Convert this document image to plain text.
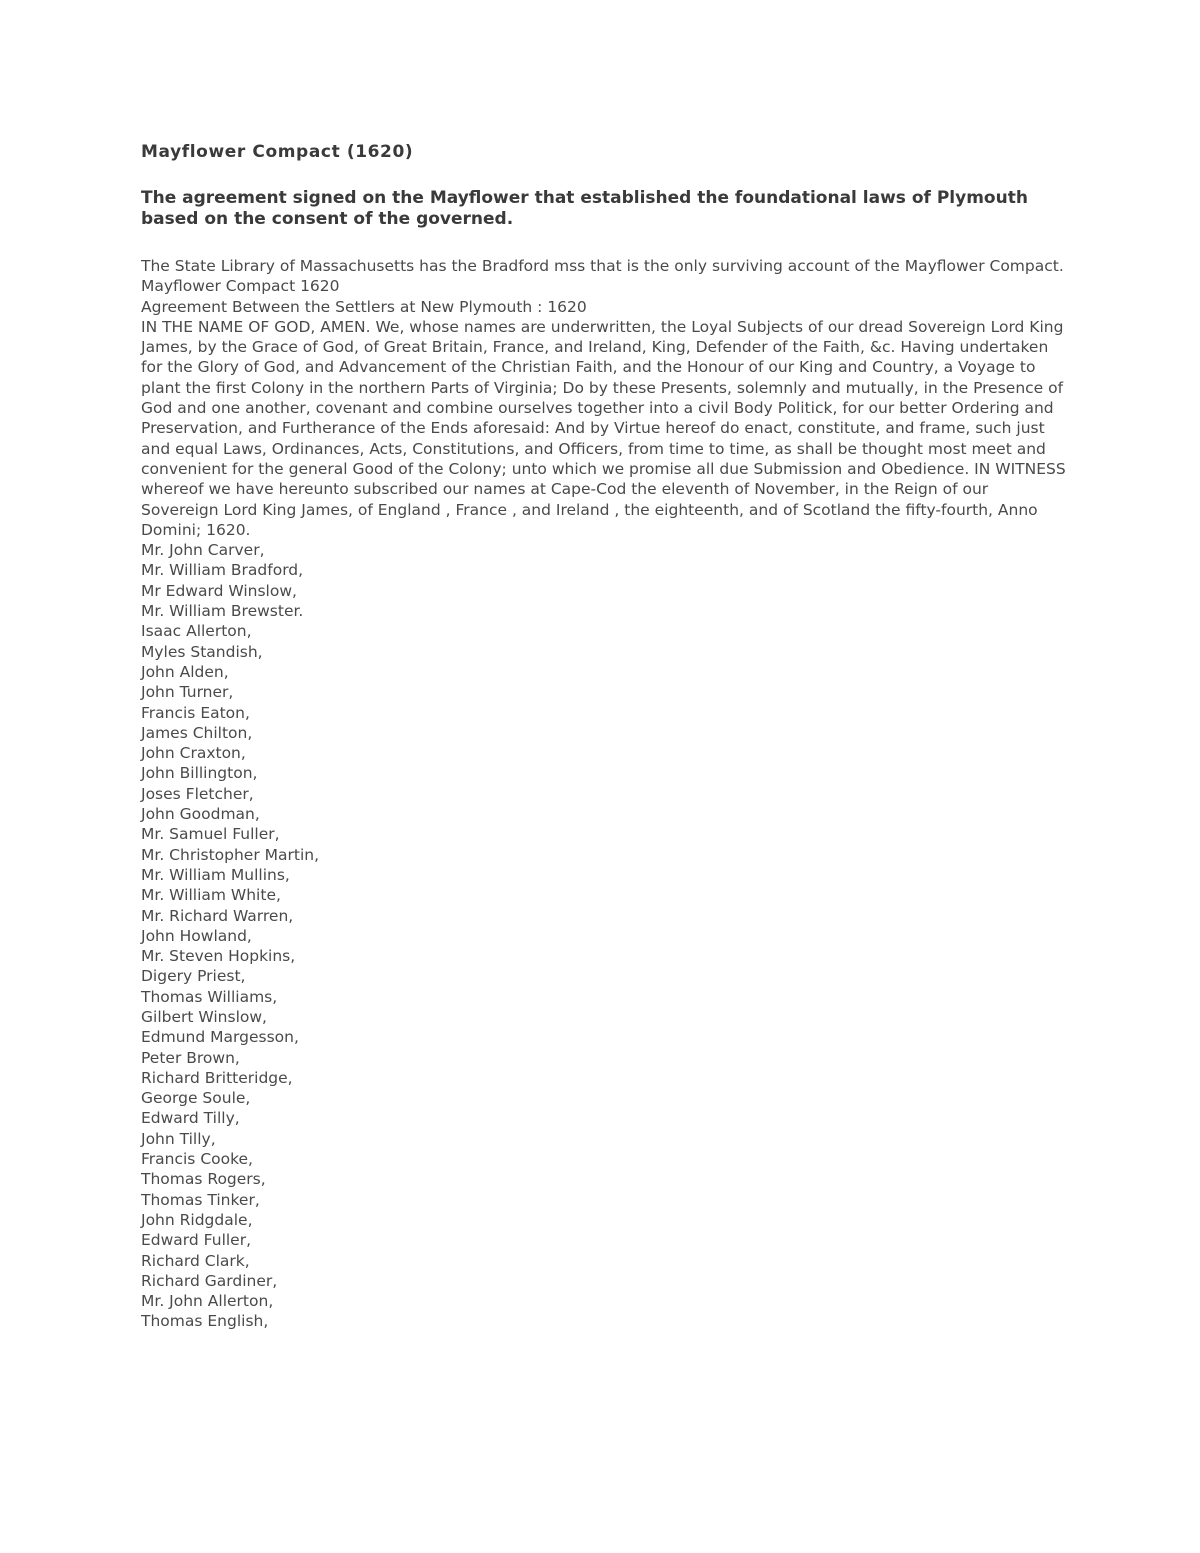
Mayflower Compact (1620)
The agreement signed on the Mayflower that established the foundational laws of Plymouth based on the consent of the governed.

The State Library of Massachusetts has the Bradford mss that is the only surviving account of the Mayflower Compact.

Mayflower Compact 1620

Agreement Between the Settlers at New Plymouth : 1620

IN THE NAME OF GOD, AMEN. We, whose names are underwritten, the Loyal Subjects of our dread Sovereign Lord King James, by the Grace of God, of Great Britain, France, and Ireland, King, Defender of the Faith, &c. Having undertaken for the Glory of God, and Advancement of the Christian Faith, and the Honour of our King and Country, a Voyage to plant the first Colony in the northern Parts of Virginia; Do by these Presents, solemnly and mutually, in the Presence of God and one another, covenant and combine ourselves together into a civil Body Politick, for our better Ordering and Preservation, and Furtherance of the Ends aforesaid: And by Virtue hereof do enact, constitute, and frame, such just and equal Laws, Ordinances, Acts, Constitutions, and Officers, from time to time, as shall be thought most meet and convenient for the general Good of the Colony; unto which we promise all due Submission and Obedience. IN WITNESS whereof we have hereunto subscribed our names at Cape-Cod the eleventh of November, in the Reign of our Sovereign Lord King James, of England , France , and Ireland , the eighteenth, and of Scotland the fifty-fourth, Anno Domini; 1620.

Mr. John Carver,
Mr. William Bradford,
Mr Edward Winslow,
Mr. William Brewster.
Isaac Allerton,
Myles Standish,
John Alden,
John Turner,
Francis Eaton,
James Chilton,
John Craxton,
John Billington,
Joses Fletcher,
John Goodman,
Mr. Samuel Fuller,
Mr. Christopher Martin,
Mr. William Mullins,
Mr. William White,
Mr. Richard Warren,
John Howland,
Mr. Steven Hopkins,
Digery Priest,
Thomas Williams,
Gilbert Winslow,
Edmund Margesson,
Peter Brown,
Richard Britteridge,
George Soule,
Edward Tilly,
John Tilly,
Francis Cooke,
Thomas Rogers,
Thomas Tinker,
John Ridgdale,
Edward Fuller,
Richard Clark,
Richard Gardiner,
Mr. John Allerton,
Thomas English,
